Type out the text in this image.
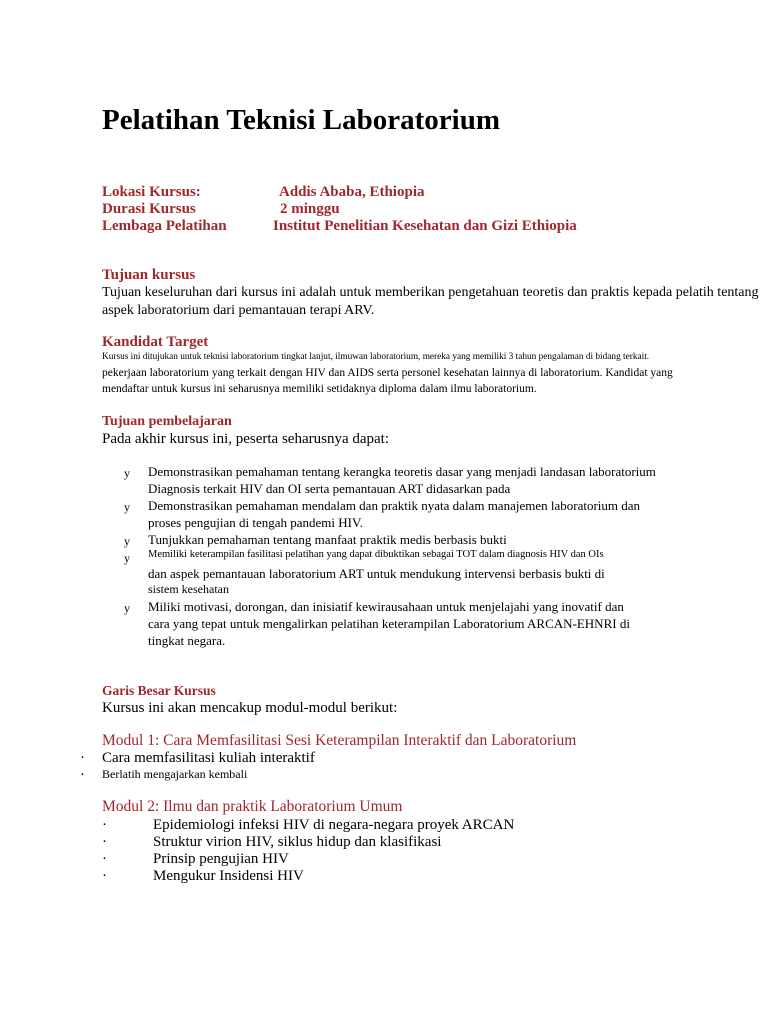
Pelatihan Teknisi Laboratorium
Lokasi Kursus:	Addis Ababa, Ethiopia
Durasi Kursus	2 minggu
Lembaga Pelatihan	Institut Penelitian Kesehatan dan Gizi Ethiopia
Tujuan kursus
Tujuan keseluruhan dari kursus ini adalah untuk memberikan pengetahuan teoretis dan praktis kepada pelatih tentang
aspek laboratorium dari pemantauan terapi ARV.
Kandidat Target
Kursus ini ditujukan untuk teknisi laboratorium tingkat lanjut, ilmuwan laboratorium, mereka yang memiliki 3 tahun pengalaman di bidang terkait.
pekerjaan laboratorium yang terkait dengan HIV dan AIDS serta personel kesehatan lainnya di laboratorium. Kandidat yang
mendaftar untuk kursus ini seharusnya memiliki setidaknya diploma dalam ilmu laboratorium.
Tujuan pembelajaran
Pada akhir kursus ini, peserta seharusnya dapat:
y Demonstrasikan pemahaman tentang kerangka teoretis dasar yang menjadi landasan laboratorium
Diagnosis terkait HIV dan OI serta pemantauan ART didasarkan pada
y Demonstrasikan pemahaman mendalam dan praktik nyata dalam manajemen laboratorium dan
proses pengujian di tengah pandemi HIV.
y Tunjukkan pemahaman tentang manfaat praktik medis berbasis bukti
y Memiliki keterampilan fasilitasi pelatihan yang dapat dibuktikan sebagai TOT dalam diagnosis HIV dan OIs
dan aspek pemantauan laboratorium ART untuk mendukung intervensi berbasis bukti di
sistem kesehatan
y Miliki motivasi, dorongan, dan inisiatif kewirausahaan untuk menjelajahi yang inovatif dan
cara yang tepat untuk mengalirkan pelatihan keterampilan Laboratorium ARCAN-EHNRI di
tingkat negara.
Garis Besar Kursus
Kursus ini akan mencakup modul-modul berikut:
Modul 1: Cara Memfasilitasi Sesi Keterampilan Interaktif dan Laboratorium
· Cara memfasilitasi kuliah interaktif
· Berlatih mengajarkan kembali
Modul 2: Ilmu dan praktik Laboratorium Umum
·	Epidemiologi infeksi HIV di negara-negara proyek ARCAN
·	Struktur virion HIV, siklus hidup dan klasifikasi
·	Prinsip pengujian HIV
·	Mengukur Insidensi HIV
